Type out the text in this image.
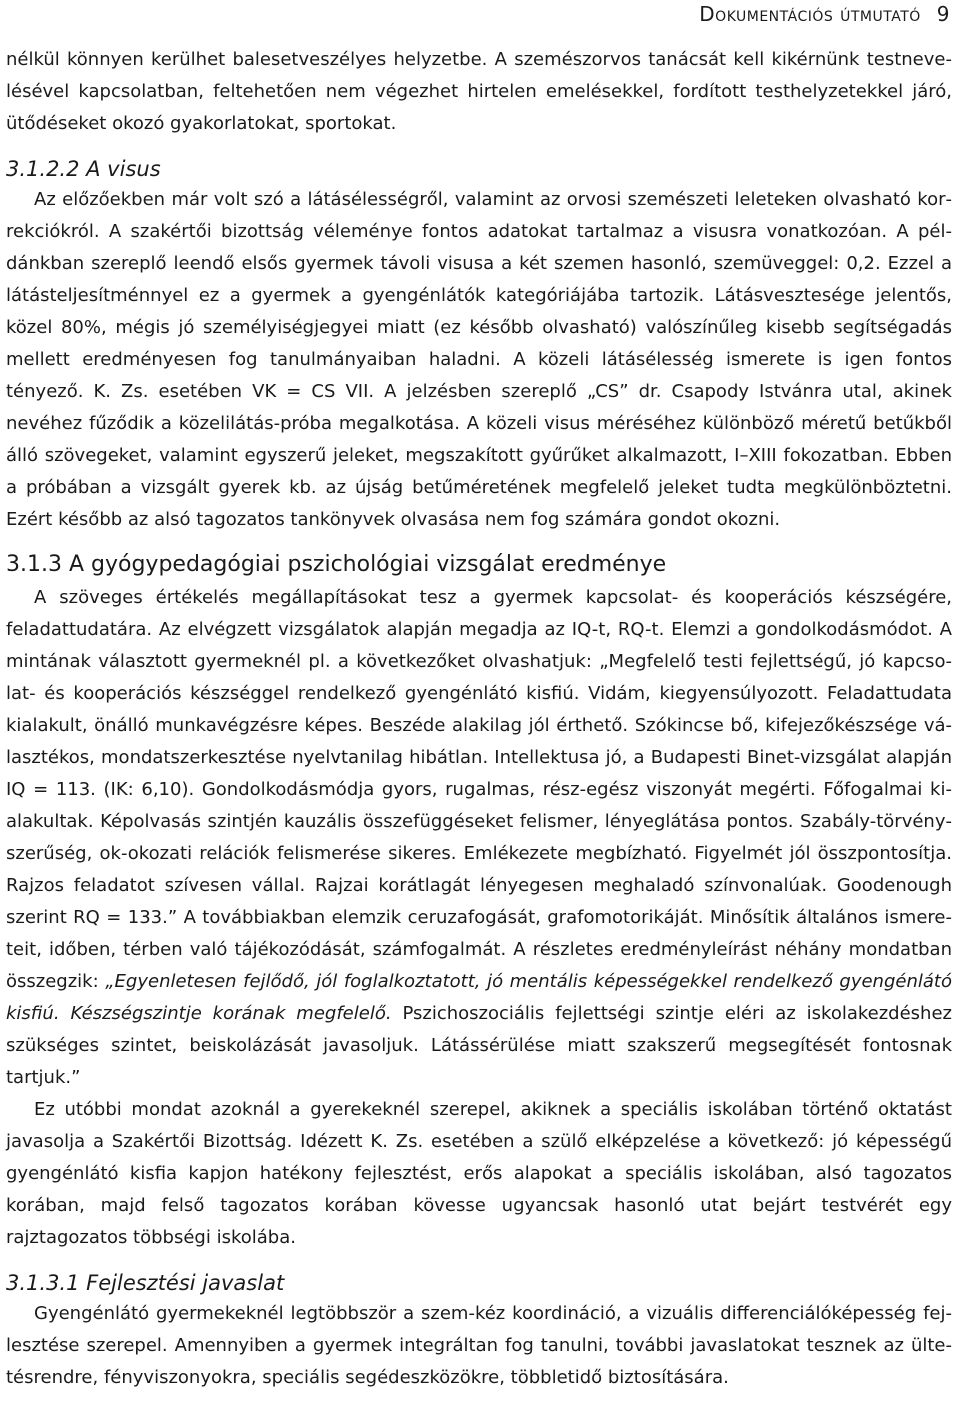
Dokumentációs útmutató 9

nélkül könnyen kerülhet balesetveszélyes helyzetbe. A szemészorvos tanácsát kell kikérnünk testnevelésével kapcsolatban, feltehetően nem végezhet hirtelen emelésekkel, fordított testhelyzetekkel járó, ütődéseket okozó gyakorlatokat, sportokat.

3.1.2.2 A visus

Az előzőekben már volt szó a látásélességről, valamint az orvosi szemészeti leleteken olvasható korrekciókról. A szakértői bizottság véleménye fontos adatokat tartalmaz a visusra vonatkozóan. A példánkban szereplő leendő elsős gyermek távoli visusa a két szemen hasonló, szemüveggel: 0,2. Ezzel a látásteljesítménnyel ez a gyermek a gyengénlátók kategóriájába tartozik. Látásvesztesége jelentős, közel 80%, mégis jó személyiségjegyei miatt (ez később olvasható) valószínűleg kisebb segítségadás mellett eredményesen fog tanulmányaiban haladni. A közeli látásélesség ismerete is igen fontos tényező. K. Zs. esetében VK = CS VII. A jelzésben szereplő „CS” dr. Csapody Istvánra utal, akinek nevéhez fűződik a közelilátás-próba megalkotása. A közeli visus méréséhez különböző méretű betűkből álló szövegeket, valamint egyszerű jeleket, megszakított gyűrűket alkalmazott, I–XIII fokozatban. Ebben a próbában a vizsgált gyerek kb. az újság betűméretének megfelelő jeleket tudta megkülönböztetni. Ezért később az alsó tagozatos tankönyvek olvasása nem fog számára gondot okozni.

3.1.3 A gyógypedagógiai pszichológiai vizsgálat eredménye

A szöveges értékelés megállapításokat tesz a gyermek kapcsolat- és kooperációs készségére, feladattudatára. Az elvégzett vizsgálatok alapján megadja az IQ-t, RQ-t. Elemzi a gondolkodásmódot. A mintának választott gyermeknél pl. a következőket olvashatjuk: „Megfelelő testi fejlettségű, jó kapcsolat- és kooperációs készséggel rendelkező gyengénlátó kisfiú. Vidám, kiegyensúlyozott. Feladattudata kialakult, önálló munkavégzésre képes. Beszéde alakilag jól érthető. Szókincse bő, kifejezőkészsége választékos, mondatszerkesztése nyelvtanilag hibátlan. Intellektusa jó, a Budapesti Binet-vizsgálat alapján IQ = 113. (IK: 6,10). Gondolkodásmódja gyors, rugalmas, rész-egész viszonyát megérti. Főfogalmai kialakultak. Képolvasás szintjén kauzális összefüggéseket felismer, lényeglátása pontos. Szabály-törvényszerűség, ok-okozati relációk felismerése sikeres. Emlékezete megbízható. Figyelmét jól összpontosítja. Rajzos feladatot szívesen vállal. Rajzai korátlagát lényegesen meghaladó színvonalúak. Goodenough szerint RQ = 133.” A továbbiakban elemzik ceruzafogását, grafomotorikáját. Minősítik általános ismereteit, időben, térben való tájékozódását, számfogalmát. A részletes eredményleírást néhány mondatban összegzik: „Egyenletesen fejlődő, jól foglalkoztatott, jó mentális képességekkel rendelkező gyengénlátó kisfiú. Készségszintje korának megfelelő. Pszichoszociális fejlettségi szintje eléri az iskolakezdéshez szükséges szintet, beiskolázását javasoljuk. Látássérülése miatt szakszerű megsegítését fontosnak tartjuk.”

Ez utóbbi mondat azoknál a gyerekeknél szerepel, akiknek a speciális iskolában történő oktatást javasolja a Szakértői Bizottság. Idézett K. Zs. esetében a szülő elképzelése a következő: jó képességű gyengénlátó kisfia kapjon hatékony fejlesztést, erős alapokat a speciális iskolában, alsó tagozatos korában, majd felső tagozatos korában kövesse ugyancsak hasonló utat bejárt testvérét egy rajztagozatos többségi iskolába.

3.1.3.1 Fejlesztési javaslat

Gyengénlátó gyermekeknél legtöbbször a szem-kéz koordináció, a vizuális differenciálóképesség fejlesztése szerepel. Amennyiben a gyermek integráltan fog tanulni, további javaslatokat tesznek az ültetésrendre, fényviszonyokra, speciális segédeszközökre, többletidő biztosítására.
